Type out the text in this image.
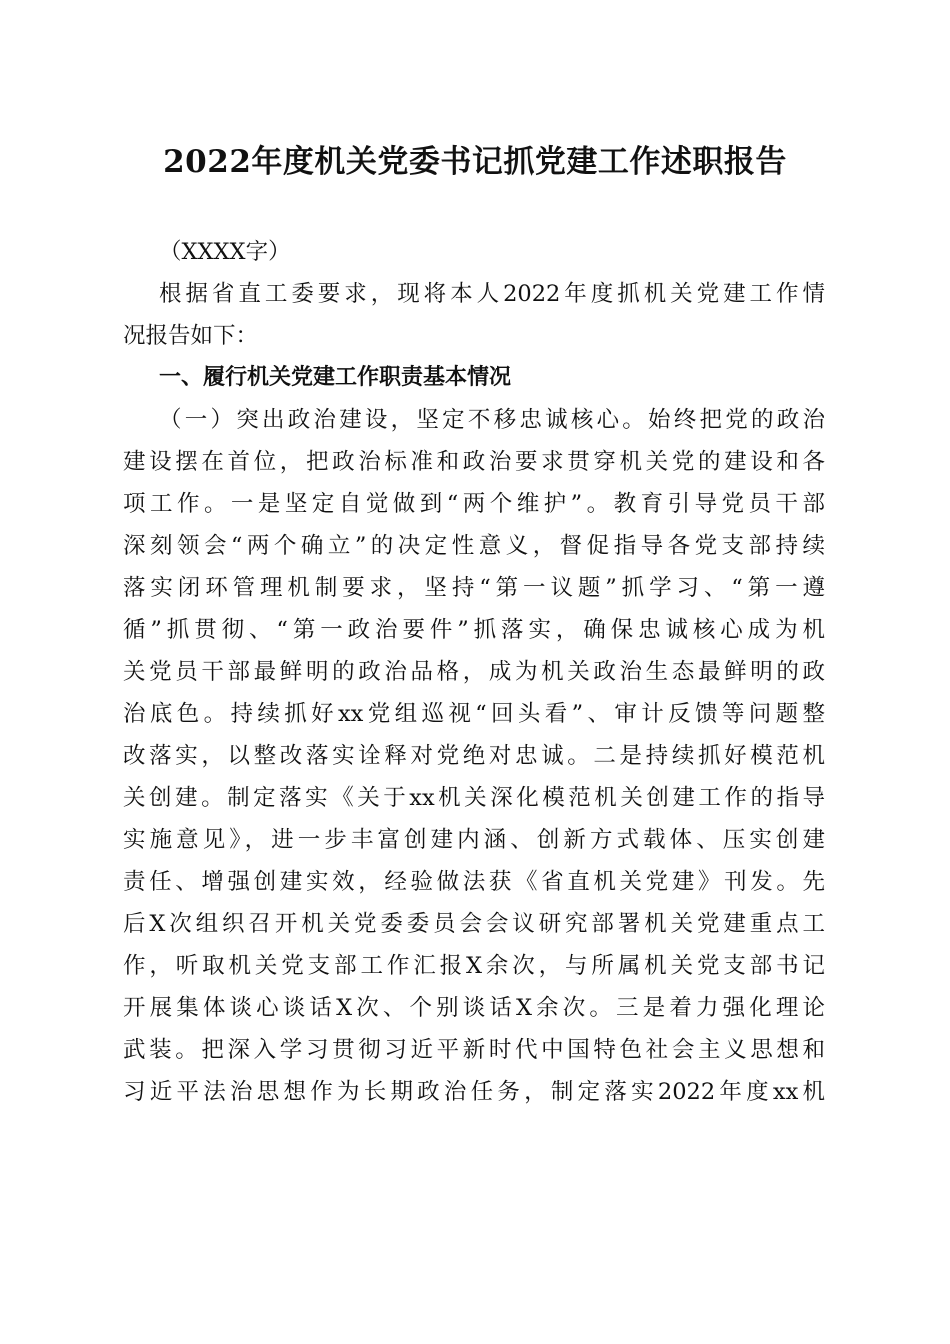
2022年度机关党委书记抓党建工作述职报告
（XXXX字）
根据省直工委要求，现将本人2022年度抓机关党建工作情
况报告如下：
一、履行机关党建工作职责基本情况
（一）突出政治建设，坚定不移忠诚核心。始终把党的政治
建设摆在首位，把政治标准和政治要求贯穿机关党的建设和各
项工作。一是坚定自觉做到“两个维护”。教育引导党员干部
深刻领会“两个确立”的决定性意义，督促指导各党支部持续
落实闭环管理机制要求，坚持“第一议题”抓学习、“第一遵
循”抓贯彻、“第一政治要件”抓落实，确保忠诚核心成为机
关党员干部最鲜明的政治品格，成为机关政治生态最鲜明的政
治底色。持续抓好xx党组巡视“回头看”、审计反馈等问题整
改落实，以整改落实诠释对党绝对忠诚。二是持续抓好模范机
关创建。制定落实《关于xx机关深化模范机关创建工作的指导
实施意见》，进一步丰富创建内涵、创新方式载体、压实创建
责任、增强创建实效，经验做法获《省直机关党建》刊发。先
后X次组织召开机关党委委员会会议研究部署机关党建重点工
作，听取机关党支部工作汇报X余次，与所属机关党支部书记
开展集体谈心谈话X次、个别谈话X余次。三是着力强化理论
武装。把深入学习贯彻习近平新时代中国特色社会主义思想和
习近平法治思想作为长期政治任务，制定落实2022年度xx机
